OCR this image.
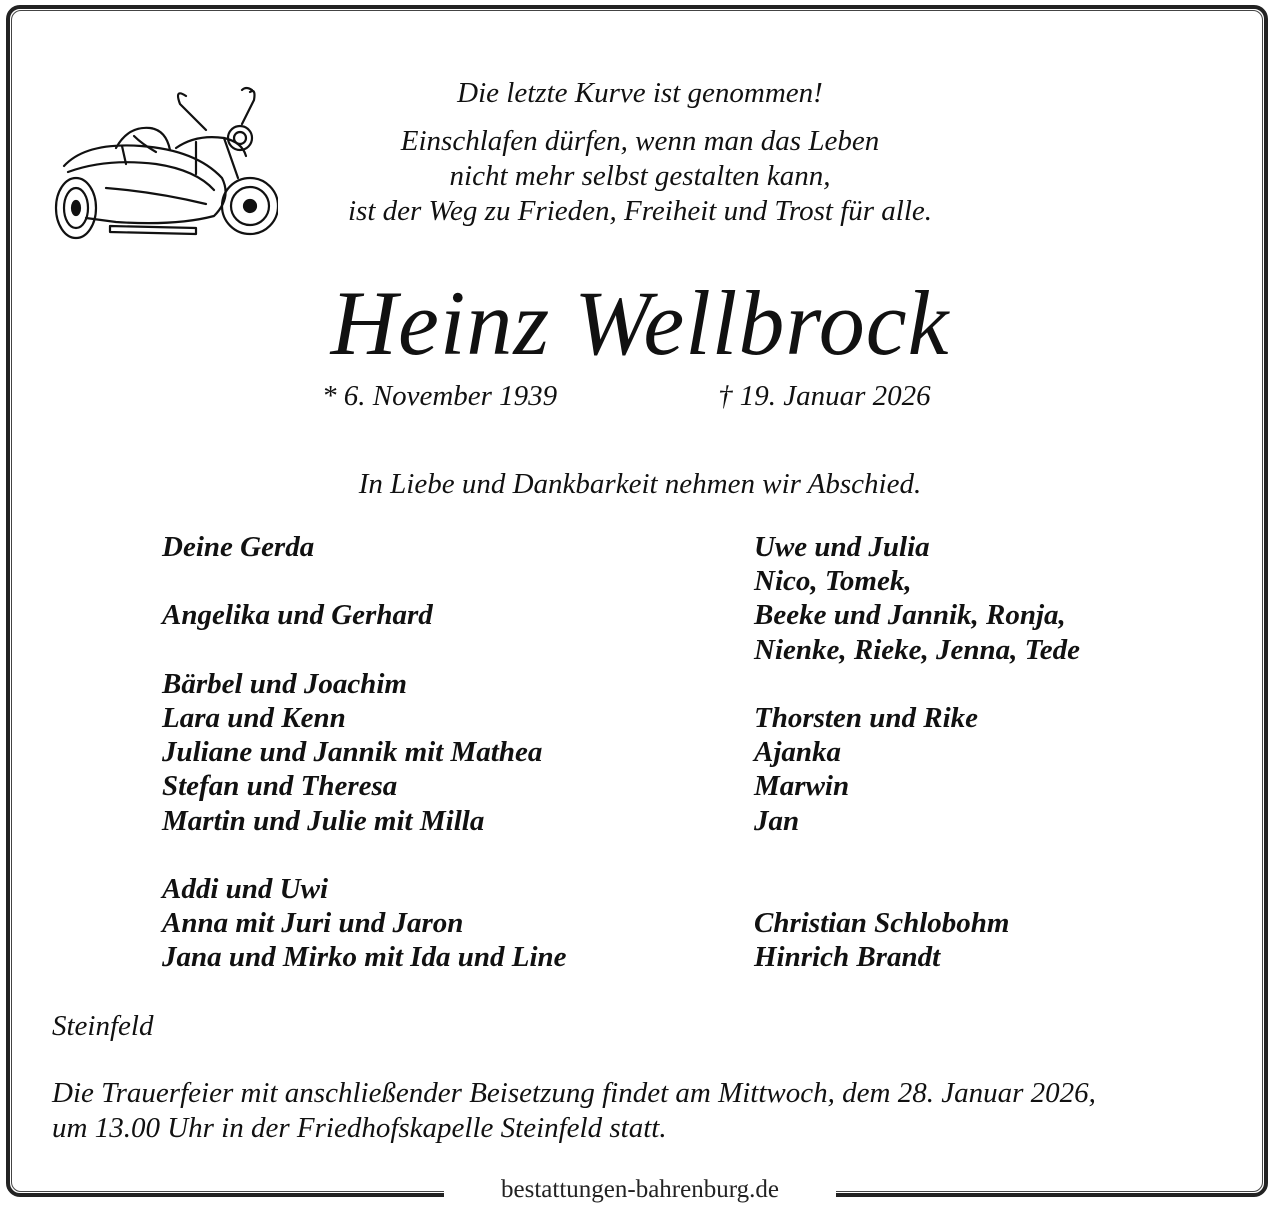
bestattungen-bahrenburg.de
Die letzte Kurve ist genommen!
Einschlafen dürfen, wenn man das Leben
nicht mehr selbst gestalten kann,
ist der Weg zu Frieden, Freiheit und Trost für alle.
Heinz Wellbrock
* 6. November 1939	† 19. Januar 2026
In Liebe und Dankbarkeit nehmen wir Abschied.
Deine Gerda
Angelika und Gerhard
Bärbel und Joachim
Lara und Kenn
Juliane und Jannik mit Mathea
Stefan und Theresa
Martin und Julie mit Milla
Addi und Uwi
Anna mit Juri und Jaron
Jana und Mirko mit Ida und Line
Uwe und Julia
Nico, Tomek,
Beeke und Jannik, Ronja,
Nienke, Rieke, Jenna, Tede
Thorsten und Rike
Ajanka
Marwin
Jan
Christian Schlobohm
Hinrich Brandt
Steinfeld
Die Trauerfeier mit anschließender Beisetzung findet am Mittwoch, dem 28. Januar 2026,
um 13.00 Uhr in der Friedhofskapelle Steinfeld statt.
